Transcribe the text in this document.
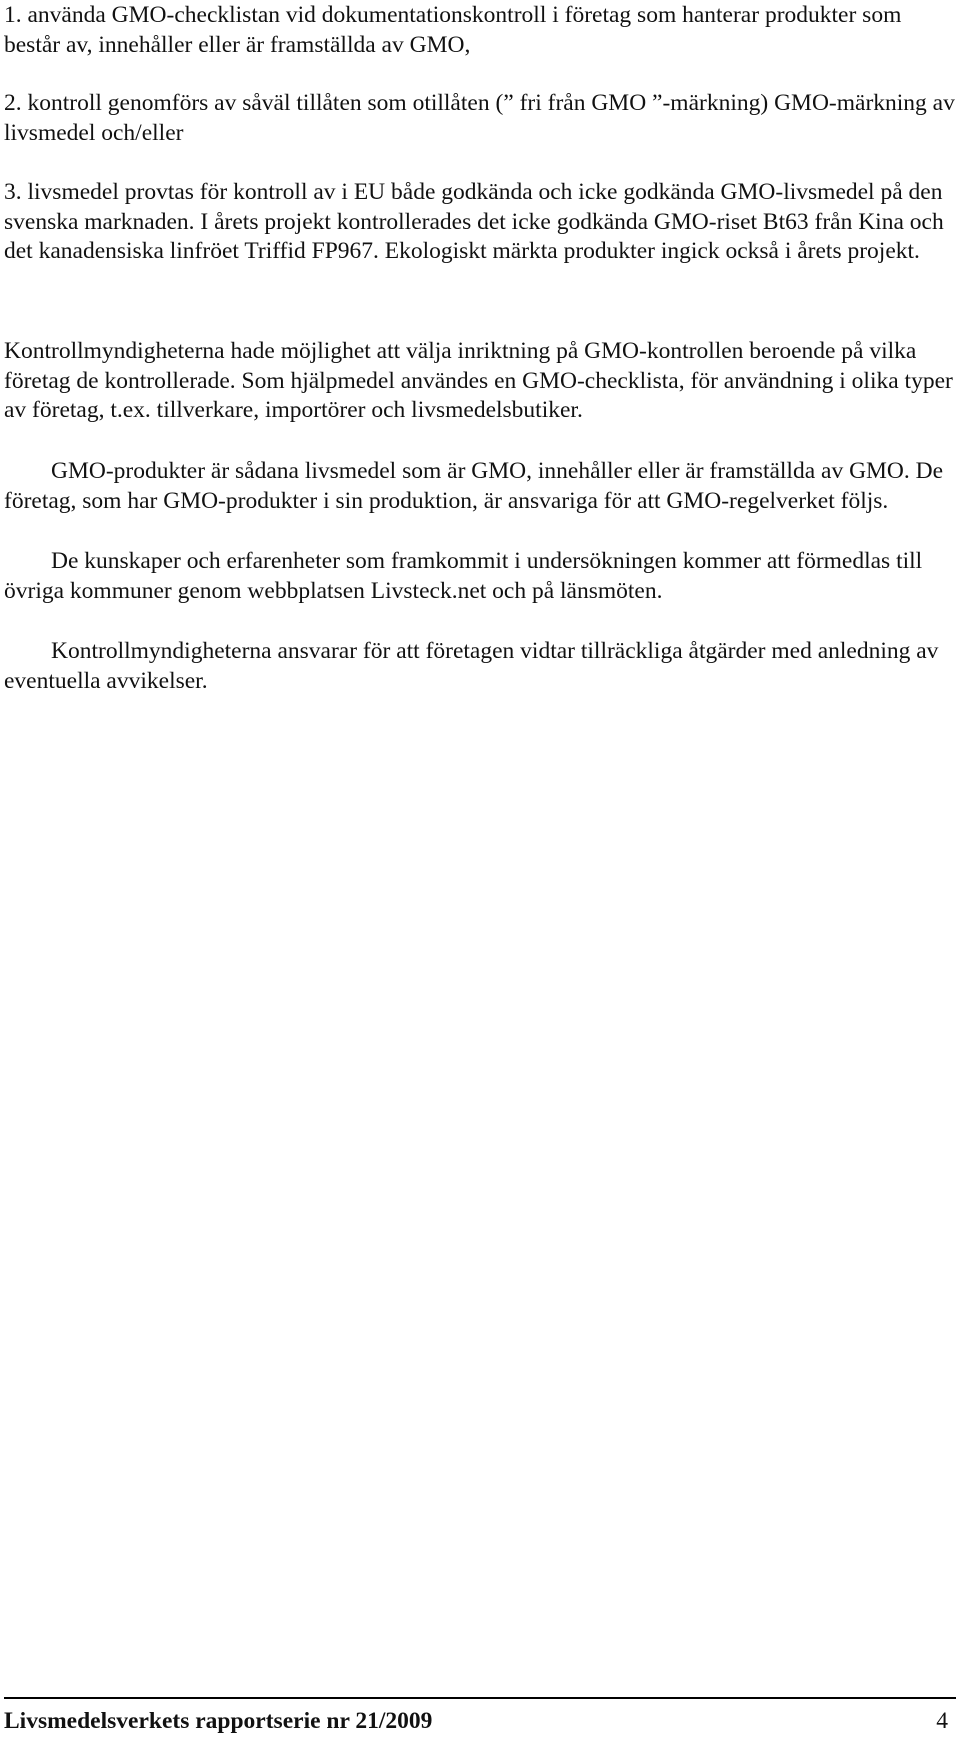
1. använda GMO-checklistan vid dokumentationskontroll i företag som hanterar produkter som består av, innehåller eller är framställda av GMO,

2. kontroll genomförs av såväl tillåten som otillåten (” fri från GMO ”-märkning) GMO-märkning av livsmedel och/eller

3. livsmedel provtas för kontroll av i EU både godkända och icke godkända GMO-livsmedel på den svenska marknaden. I årets projekt kontrollerades det icke godkända GMO-riset Bt63 från Kina och det kanadensiska linfröet Triffid FP967. Ekologiskt märkta produkter ingick också i årets projekt.

Kontrollmyndigheterna hade möjlighet att välja inriktning på GMO-kontrollen beroende på vilka företag de kontrollerade. Som hjälpmedel användes en GMO-checklista, för användning i olika typer av företag, t.ex. tillverkare, importörer och livsmedelsbutiker.

GMO-produkter är sådana livsmedel som är GMO, innehåller eller är framställda av GMO. De företag, som har GMO-produkter i sin produktion, är ansvariga för att GMO-regelverket följs.

De kunskaper och erfarenheter som framkommit i undersökningen kommer att förmedlas till övriga kommuner genom webbplatsen Livsteck.net och på länsmöten.

Kontrollmyndigheterna ansvarar för att företagen vidtar tillräckliga åtgärder med anledning av eventuella avvikelser.

Livsmedelsverkets rapportserie nr 21/2009	4
